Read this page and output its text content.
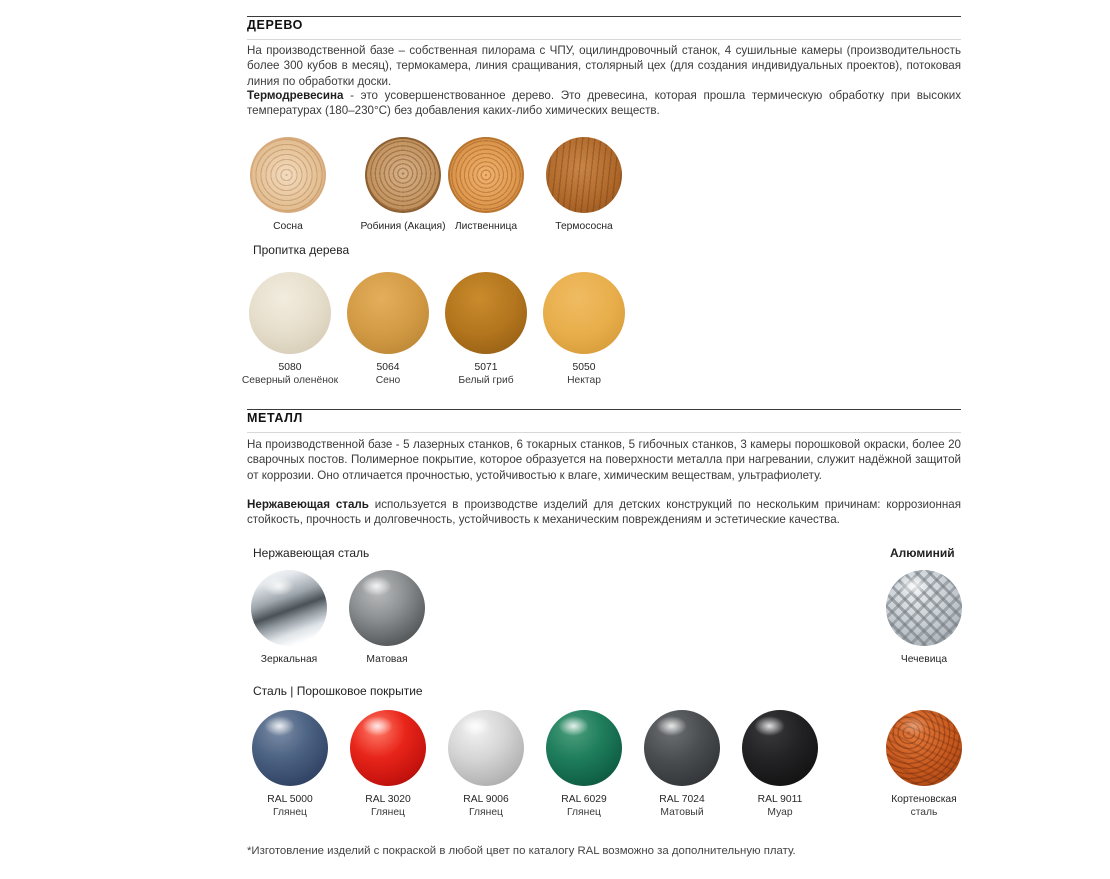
ДЕРЕВО
На производственной базе – собственная пилорама с ЧПУ, оцилиндровочный станок, 4 сушильные камеры (производительность более 300 кубов в месяц), термокамера, линия сращивания, столярный цех (для создания индивидуальных проектов), потоковая линия по обработки доски.
Термодревесина - это усовершенствованное дерево. Это древесина, которая прошла термическую обработку при высоких температурах (180–230°С) без добавления каких-либо химических веществ.
Сосна	Робиния (Акация) Лиственница	Термососна
Пропитка дерева
5080
Северный оленёнок
5064
Сено
5071
Белый гриб
5050
Нектар
МЕТАЛЛ
На производственной базе - 5 лазерных станков, 6 токарных станков, 5 гибочных станков, 3 камеры порошковой окраски, более 20 сварочных постов. Полимерное покрытие, которое образуется на поверхности металла при нагревании, служит надёжной защитой от коррозии. Оно отличается прочностью, устойчивостью к влаге, химическим веществам, ультрафиолету.
Нержавеющая сталь используется в производстве изделий для детских конструкций по нескольким причинам: коррозионная стойкость, прочность и долговечность, устойчивость к механическим повреждениям и эстетические качества.
Нержавеющая сталь
Зеркальная	Матовая
Алюминий
Чечевица
Сталь | Порошковое покрытие
RAL 5000
Глянец
RAL 3020
Глянец
RAL 9006
Глянец
RAL 6029
Глянец
RAL 7024
Матовый
RAL 9011
Муар
Кортеновская
сталь
*Изготовление изделий с покраской в любой цвет по каталогу RAL возможно за дополнительную плату.
